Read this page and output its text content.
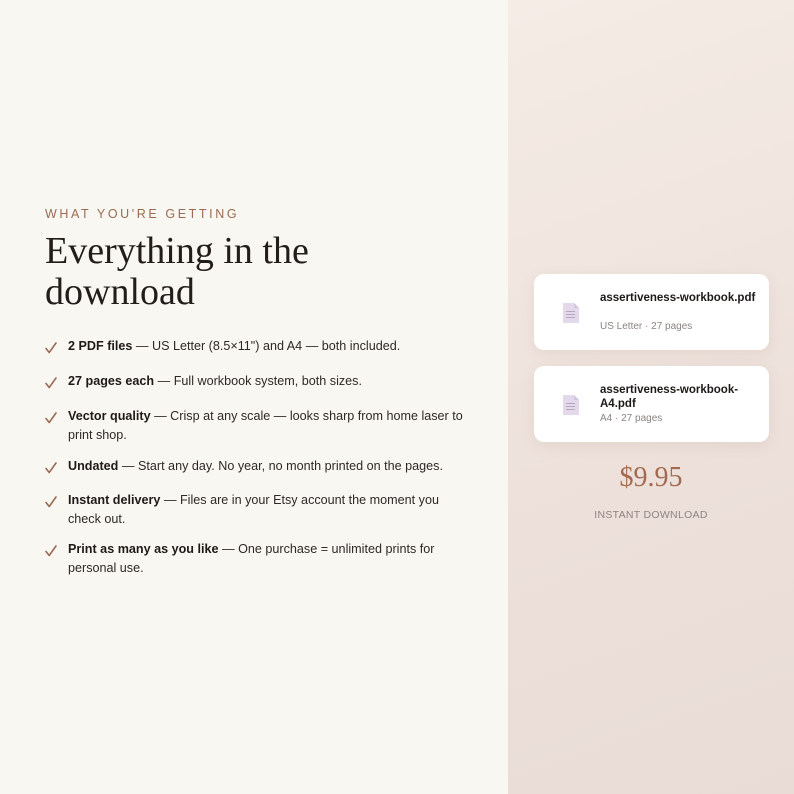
WHAT YOU'RE GETTING
Everything in the download
2 PDF files — US Letter (8.5×11") and A4 — both included.
27 pages each — Full workbook system, both sizes.
Vector quality — Crisp at any scale — looks sharp from home laser to print shop.
Undated — Start any day. No year, no month printed on the pages.
Instant delivery — Files are in your Etsy account the moment you check out.
Print as many as you like — One purchase = unlimited prints for personal use.
assertiveness-workbook.pdf
US Letter · 27 pages
assertiveness-workbook-A4.pdf
A4 · 27 pages
$9.95
INSTANT DOWNLOAD
